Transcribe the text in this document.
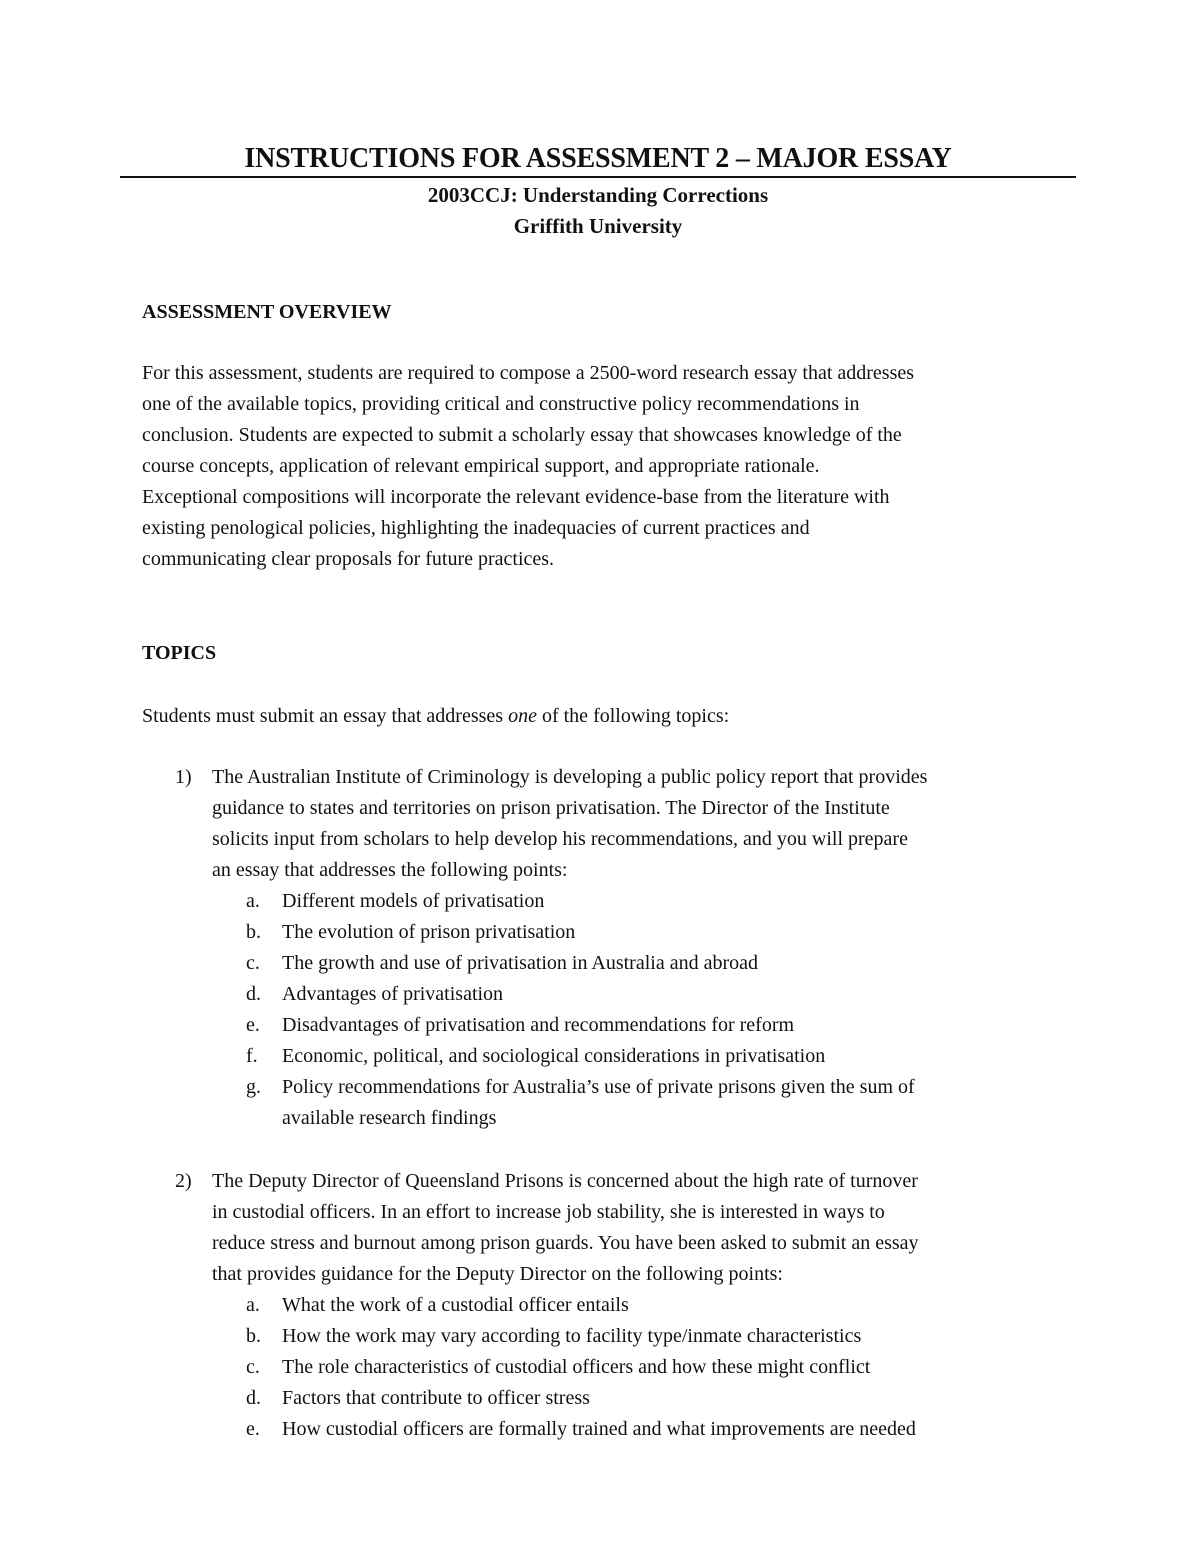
INSTRUCTIONS FOR ASSESSMENT 2 – MAJOR ESSAY
2003CCJ: Understanding Corrections
Griffith University
ASSESSMENT OVERVIEW
For this assessment, students are required to compose a 2500-word research essay that addresses
one of the available topics, providing critical and constructive policy recommendations in
conclusion. Students are expected to submit a scholarly essay that showcases knowledge of the
course concepts, application of relevant empirical support, and appropriate rationale.
Exceptional compositions will incorporate the relevant evidence-base from the literature with
existing penological policies, highlighting the inadequacies of current practices and
communicating clear proposals for future practices.
TOPICS
Students must submit an essay that addresses one of the following topics:
1) The Australian Institute of Criminology is developing a public policy report that provides
guidance to states and territories on prison privatisation. The Director of the Institute
solicits input from scholars to help develop his recommendations, and you will prepare
an essay that addresses the following points:
a. Different models of privatisation
b. The evolution of prison privatisation
c. The growth and use of privatisation in Australia and abroad
d. Advantages of privatisation
e. Disadvantages of privatisation and recommendations for reform
f. Economic, political, and sociological considerations in privatisation
g. Policy recommendations for Australia’s use of private prisons given the sum of
available research findings
2) The Deputy Director of Queensland Prisons is concerned about the high rate of turnover
in custodial officers. In an effort to increase job stability, she is interested in ways to
reduce stress and burnout among prison guards. You have been asked to submit an essay
that provides guidance for the Deputy Director on the following points:
a. What the work of a custodial officer entails
b. How the work may vary according to facility type/inmate characteristics
c. The role characteristics of custodial officers and how these might conflict
d. Factors that contribute to officer stress
e. How custodial officers are formally trained and what improvements are needed
